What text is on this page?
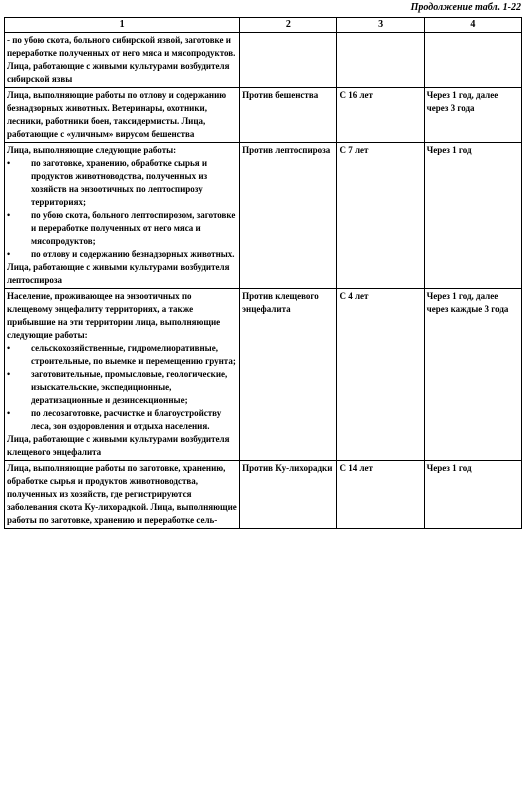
Продолжение табл. 1-22
1	2	3	4

- по убою скота, больного сибирской язвой, заготовке и переработке полученных от него мяса и мясопродуктов.
Лица, работающие с живыми культурами возбудителя сибирской язвы			

Лица, выполняющие работы по отлову и содержанию безнадзорных животных. Ветеринары, охотники, лесники, работники боен, таксидермисты. Лица, работающие с «уличным» вирусом бешенства	Против бешенства	С 16 лет	Через 1 год, далее через 3 года

Лица, выполняющие следующие работы:
• по заготовке, хранению, обработке сырья и продуктов животноводства, полученных из хозяйств на энзоотичных по лептоспирозу территориях;
• по убою скота, больного лептоспирозом, заготовке и переработке полученных от него мяса и мясопродуктов;
• по отлову и содержанию безнадзорных животных.
Лица, работающие с живыми культурами возбудителя лептоспироза	Против лептоспироза	С 7 лет	Через 1 год

Население, проживающее на энзоотичных по клещевому энцефалиту территориях, а также прибывшие на эти территории лица, выполняющие следующие работы:
• сельскохозяйственные, гидромелиоративные, строительные, по выемке и перемещению грунта;
• заготовительные, промысловые, геологические, изыскательские, экспедиционные, дератизационные и дезинсекционные;
• по лесозаготовке, расчистке и благоустройству леса, зон оздоровления и отдыха населения.
Лица, работающие с живыми культурами возбудителя клещевого энцефалита	Против клещевого энцефалита	С 4 лет	Через 1 год, далее через каждые 3 года

Лица, выполняющие работы по заготовке, хранению, обработке сырья и продуктов животноводства, полученных из хозяйств, где регистрируются заболевания скота Ку-лихорадкой. Лица, выполняющие работы по заготовке, хранению и переработке сель-	Против Ку-лихорадки	С 14 лет	Через 1 год
